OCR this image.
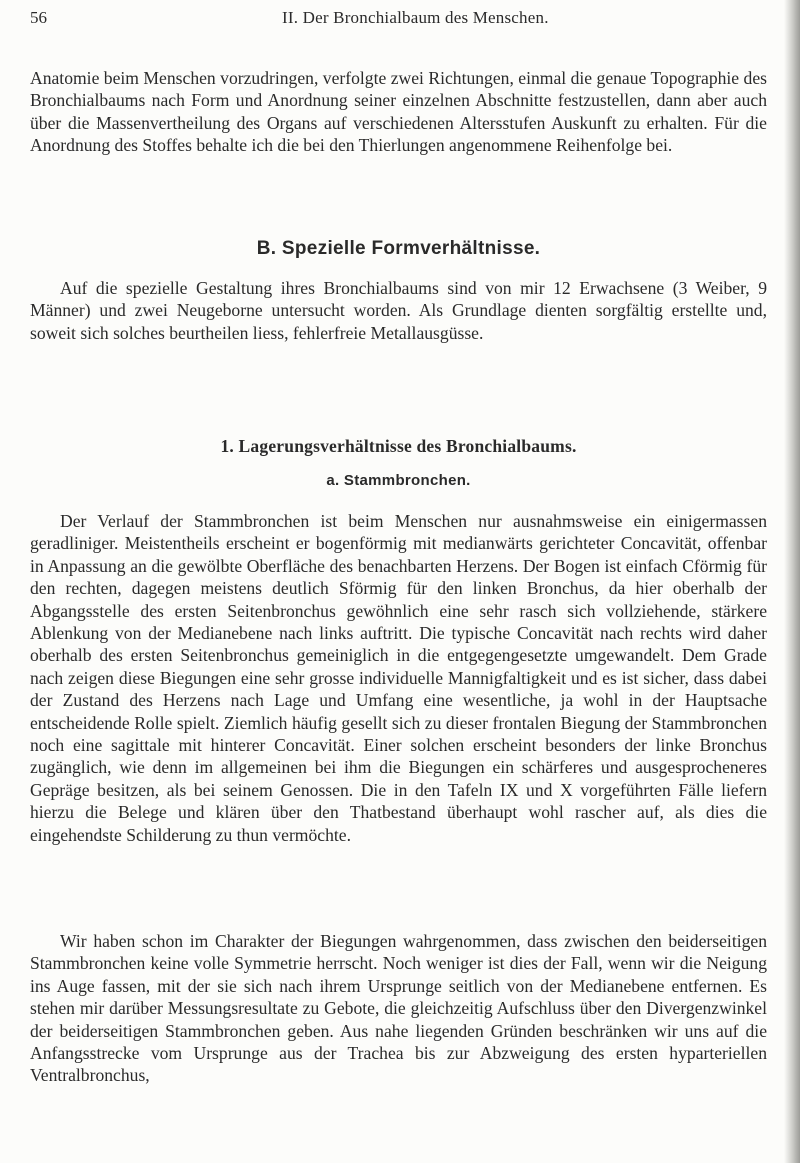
56	II. Der Bronchialbaum des Menschen.

Anatomie beim Menschen vorzudringen, verfolgte zwei Richtungen, einmal die genaue Topographie des Bronchialbaums nach Form und Anordnung seiner einzelnen Abschnitte festzustellen, dann aber auch über die Massenvertheilung des Organs auf verschiedenen Altersstufen Auskunft zu erhalten. Für die Anordnung des Stoffes behalte ich die bei den Thierlungen angenommene Reihenfolge bei.

B. Spezielle Formverhältnisse.

Auf die spezielle Gestaltung ihres Bronchialbaums sind von mir 12 Erwachsene (3 Weiber, 9 Männer) und zwei Neugeborne untersucht worden. Als Grundlage dienten sorgfältig erstellte und, soweit sich solches beurtheilen liess, fehlerfreie Metallausgüsse.

1. Lagerungsverhältnisse des Bronchialbaums.
a. Stammbronchen.

Der Verlauf der Stammbronchen ist beim Menschen nur ausnahmsweise ein einigermassen geradliniger. Meistentheils erscheint er bogenförmig mit medianwärts gerichteter Concavität, offenbar in Anpassung an die gewölbte Oberfläche des benachbarten Herzens. Der Bogen ist einfach Cförmig für den rechten, dagegen meistens deutlich Sförmig für den linken Bronchus, da hier oberhalb der Abgangsstelle des ersten Seitenbronchus gewöhnlich eine sehr rasch sich vollziehende, stärkere Ablenkung von der Medianebene nach links auftritt. Die typische Concavität nach rechts wird daher oberhalb des ersten Seitenbronchus gemeiniglich in die entgegengesetzte umgewandelt. Dem Grade nach zeigen diese Biegungen eine sehr grosse individuelle Mannigfaltigkeit und es ist sicher, dass dabei der Zustand des Herzens nach Lage und Umfang eine wesentliche, ja wohl in der Hauptsache entscheidende Rolle spielt. Ziemlich häufig gesellt sich zu dieser frontalen Biegung der Stammbronchen noch eine sagittale mit hinterer Concavität. Einer solchen erscheint besonders der linke Bronchus zugänglich, wie denn im allgemeinen bei ihm die Biegungen ein schärferes und ausgesprocheneres Gepräge besitzen, als bei seinem Genossen. Die in den Tafeln IX und X vorgeführten Fälle liefern hierzu die Belege und klären über den Thatbestand überhaupt wohl rascher auf, als dies die eingehendste Schilderung zu thun vermöchte.

Wir haben schon im Charakter der Biegungen wahrgenommen, dass zwischen den beiderseitigen Stammbronchen keine volle Symmetrie herrscht. Noch weniger ist dies der Fall, wenn wir die Neigung ins Auge fassen, mit der sie sich nach ihrem Ursprunge seitlich von der Medianebene entfernen. Es stehen mir darüber Messungsresultate zu Gebote, die gleichzeitig Aufschluss über den Divergenzwinkel der beiderseitigen Stammbronchen geben. Aus nahe liegenden Gründen beschränken wir uns auf die Anfangsstrecke vom Ursprunge aus der Trachea bis zur Abzweigung des ersten hyparteriellen Ventralbronchus,
